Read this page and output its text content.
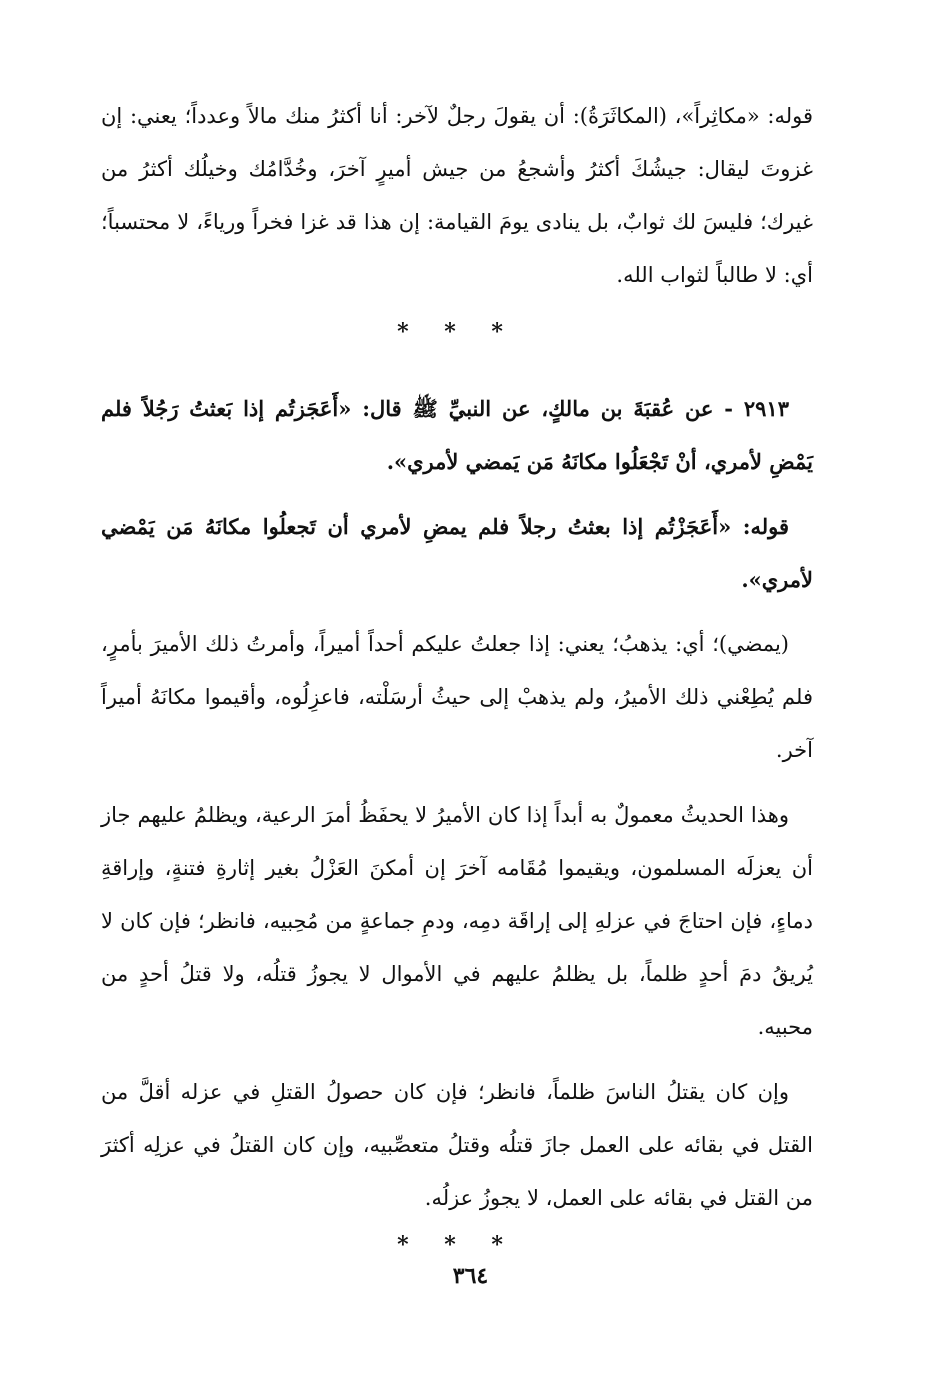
قوله: «مكاثِراً»، (المكاثَرَةُ): أن يقولَ رجلٌ لآخر: أنا أكثرُ منك مالاً وعدداً؛ يعني: إن غزوتَ ليقال: جيشُكَ أكثرُ وأشجعُ من جيش أميرٍ آخرَ، وخُدَّامُك وخيلُك أكثرُ من غيرك؛ فليسَ لك ثوابٌ، بل ينادى يومَ القيامة: إن هذا قد غزا فخراً ورياءً، لا محتسباً؛ أي: لا طالباً لثواب الله.

* * *

٢٩١٣ - عن عُقبَةَ بن مالكٍ، عن النبيِّ ﷺ قال: «أَعَجَزتُم إذا بَعثتُ رَجُلاً فلم يَمْضِ لأمري، أنْ تَجْعَلُوا مكانَهُ مَن يَمضي لأمري».

قوله: «أَعَجَزْتُم إذا بعثتُ رجلاً فلم يمضِ لأمري أن تَجعلُوا مكانَهُ مَن يَمْضي لأمري».

(يمضي)؛ أي: يذهبُ؛ يعني: إذا جعلتُ عليكم أحداً أميراً، وأمرتُ ذلك الأميرَ بأمرٍ، فلم يُطِعْني ذلك الأميرُ، ولم يذهبْ إلى حيثُ أرسَلْته، فاعزِلُوه، وأقيموا مكانَهُ أميراً آخر.

وهذا الحديثُ معمولٌ به أبداً إذا كان الأميرُ لا يحفَظُ أمرَ الرعية، ويظلمُ عليهم جاز أن يعزلَه المسلمون، ويقيموا مُقَامه آخرَ إن أمكنَ العَزْلُ بغير إثارةِ فتنةٍ، وإراقةِ دماءٍ، فإن احتاجَ في عزلهِ إلى إراقَة دمِه، ودمِ جماعةٍ من مُحِبيه، فانظر؛ فإن كان لا يُريقُ دمَ أحدٍ ظلماً، بل يظلمُ عليهم في الأموال لا يجوزُ قتلُه، ولا قتلُ أحدٍ من محبيه.

وإن كان يقتلُ الناسَ ظلماً، فانظر؛ فإن كان حصولُ القتلِ في عزله أقلَّ من القتل في بقائه على العمل جازَ قتلُه وقتلُ متعصِّبيه، وإن كان القتلُ في عزلِه أكثرَ من القتل في بقائه على العمل، لا يجوزُ عزلُه.

* * *

٣٦٤
